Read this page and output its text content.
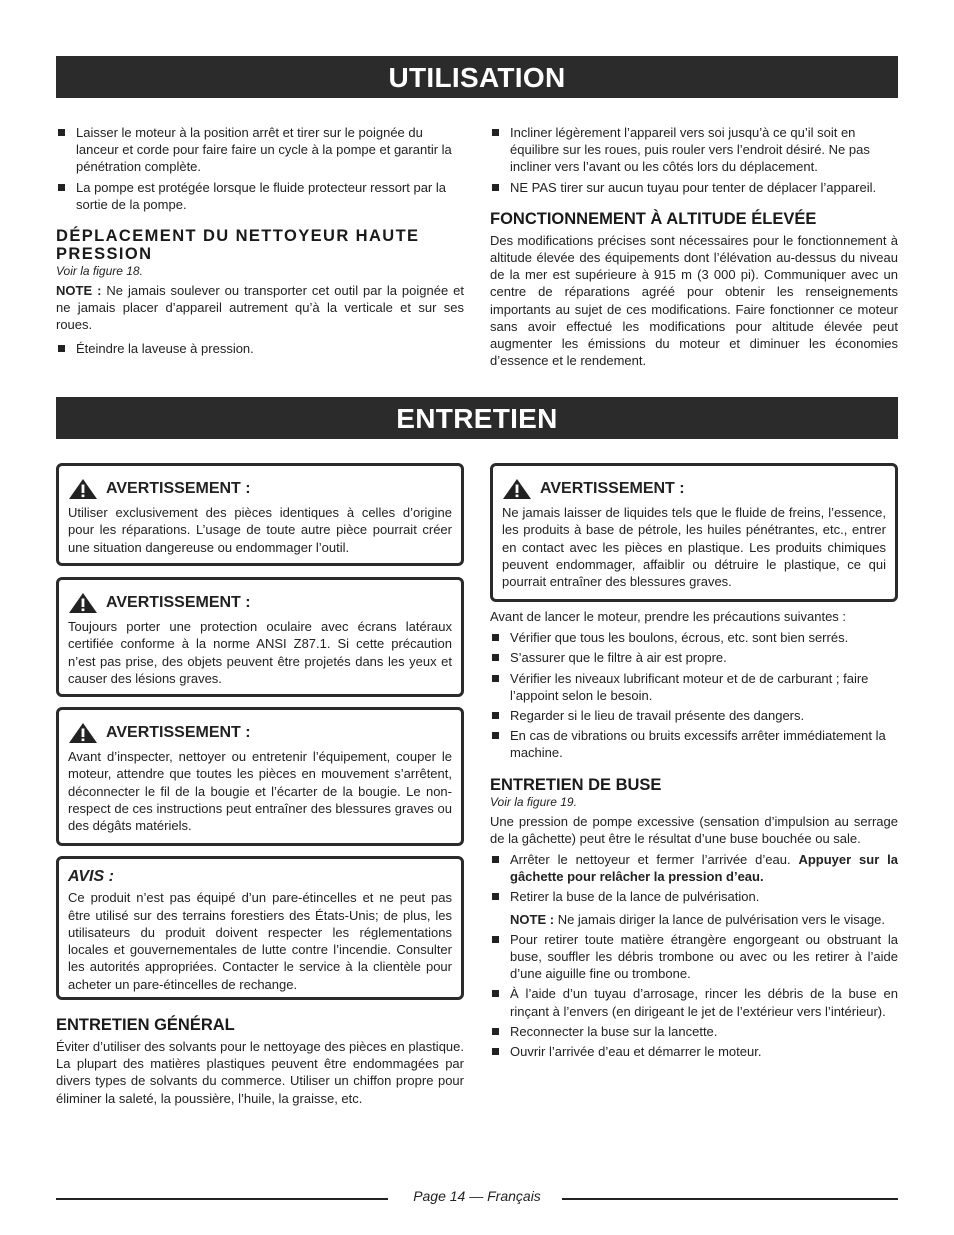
UTILISATION
Laisser le moteur à la position arrêt et tirer sur le poignée du lanceur et corde pour faire faire un cycle à la pompe et garantir la pénétration complète.
La pompe est protégée lorsque le fluide protecteur ressort par la sortie de la pompe.
DÉPLACEMENT DU NETTOYEUR HAUTE PRESSION
Voir la figure 18.

NOTE : Ne jamais soulever ou transporter cet outil par la poignée et ne jamais placer d’appareil autrement qu’à la verticale et sur ses roues.

Éteindre la laveuse à pression.
Incliner légèrement l’appareil vers soi jusqu’à ce qu’il soit en équilibre sur les roues, puis rouler vers l’endroit désiré. Ne pas incliner vers l’avant ou les côtés lors du déplacement.
NE PAS tirer sur aucun tuyau pour tenter de déplacer l’appareil.
FONCTIONNEMENT À ALTITUDE ÉLEVÉE

Des modifications précises sont nécessaires pour le fonctionnement à altitude élevée des équipements dont l’élévation au-dessus du niveau de la mer est supérieure à 915 m (3 000 pi). Communiquer avec un centre de réparations agréé pour obtenir les renseignements importants au sujet de ces modifications. Faire fonctionner ce moteur sans avoir effectué les modifications pour altitude élevée peut augmenter les émissions du moteur et diminuer les économies d’essence et le rendement.

ENTRETIEN
AVERTISSEMENT :
Utiliser exclusivement des pièces identiques à celles d’origine pour les réparations. L’usage de toute autre pièce pourrait créer une situation dangereuse ou endommager l’outil.
AVERTISSEMENT :
Toujours porter une protection oculaire avec écrans latéraux certifiée conforme à la norme ANSI Z87.1. Si cette précaution n’est pas prise, des objets peuvent être projetés dans les yeux et causer des lésions graves.
AVERTISSEMENT :
Avant d’inspecter, nettoyer ou entretenir l’équipement, couper le moteur, attendre que toutes les pièces en mouvement s’arrêtent, déconnecter le fil de la bougie et l’écarter de la bougie. Le non-respect de ces instructions peut entraîner des blessures graves ou des dégâts matériels.
AVIS :
Ce produit n’est pas équipé d’un pare-étincelles et ne peut pas être utilisé sur des terrains forestiers des États-Unis; de plus, les utilisateurs du produit doivent respecter les réglementations locales et gouvernementales de lutte contre l’incendie. Consulter les autorités appropriées. Contacter le service à la clientèle pour acheter un pare-étincelles de rechange.
ENTRETIEN GÉNÉRAL

Éviter d’utiliser des solvants pour le nettoyage des pièces en plastique. La plupart des matières plastiques peuvent être endommagées par divers types de solvants du commerce. Utiliser un chiffon propre pour éliminer la saleté, la poussière, l’huile, la graisse, etc.

AVERTISSEMENT :
Ne jamais laisser de liquides tels que le fluide de freins, l’essence, les produits à base de pétrole, les huiles pénétrantes, etc., entrer en contact avec les pièces en plastique. Les produits chimiques peuvent endommager, affaiblir ou détruire le plastique, ce qui pourrait entraîner des blessures graves.

Avant de lancer le moteur, prendre les précautions suivantes :

Vérifier que tous les boulons, écrous, etc. sont bien serrés.
S’assurer que le filtre à air est propre.
Vérifier les niveaux lubrificant moteur et de de carburant ; faire l’appoint selon le besoin.
Regarder si le lieu de travail présente des dangers.
En cas de vibrations ou bruits excessifs arrêter immédiatement la machine.
ENTRETIEN DE BUSE
Voir la figure 19.

Une pression de pompe excessive (sensation d’impulsion au serrage de la gâchette) peut être le résultat d’une buse bouchée ou sale.

Arrêter le nettoyeur et fermer l’arrivée d’eau. Appuyer sur la gâchette pour relâcher la pression d’eau.
Retirer la buse de la lance de pulvérisation.
NOTE : Ne jamais diriger la lance de pulvérisation vers le visage.
Pour retirer toute matière étrangère engorgeant ou obstruant la buse, souffler les débris trombone ou avec ou les retirer à l’aide d’une aiguille fine ou trombone.
À l’aide d’un tuyau d’arrosage, rincer les débris de la buse en rinçant à l’envers (en dirigeant le jet de l’extérieur vers l’intérieur).
Reconnecter la buse sur la lancette.
Ouvrir l’arrivée d’eau et démarrer le moteur.
Page 14 — Français
